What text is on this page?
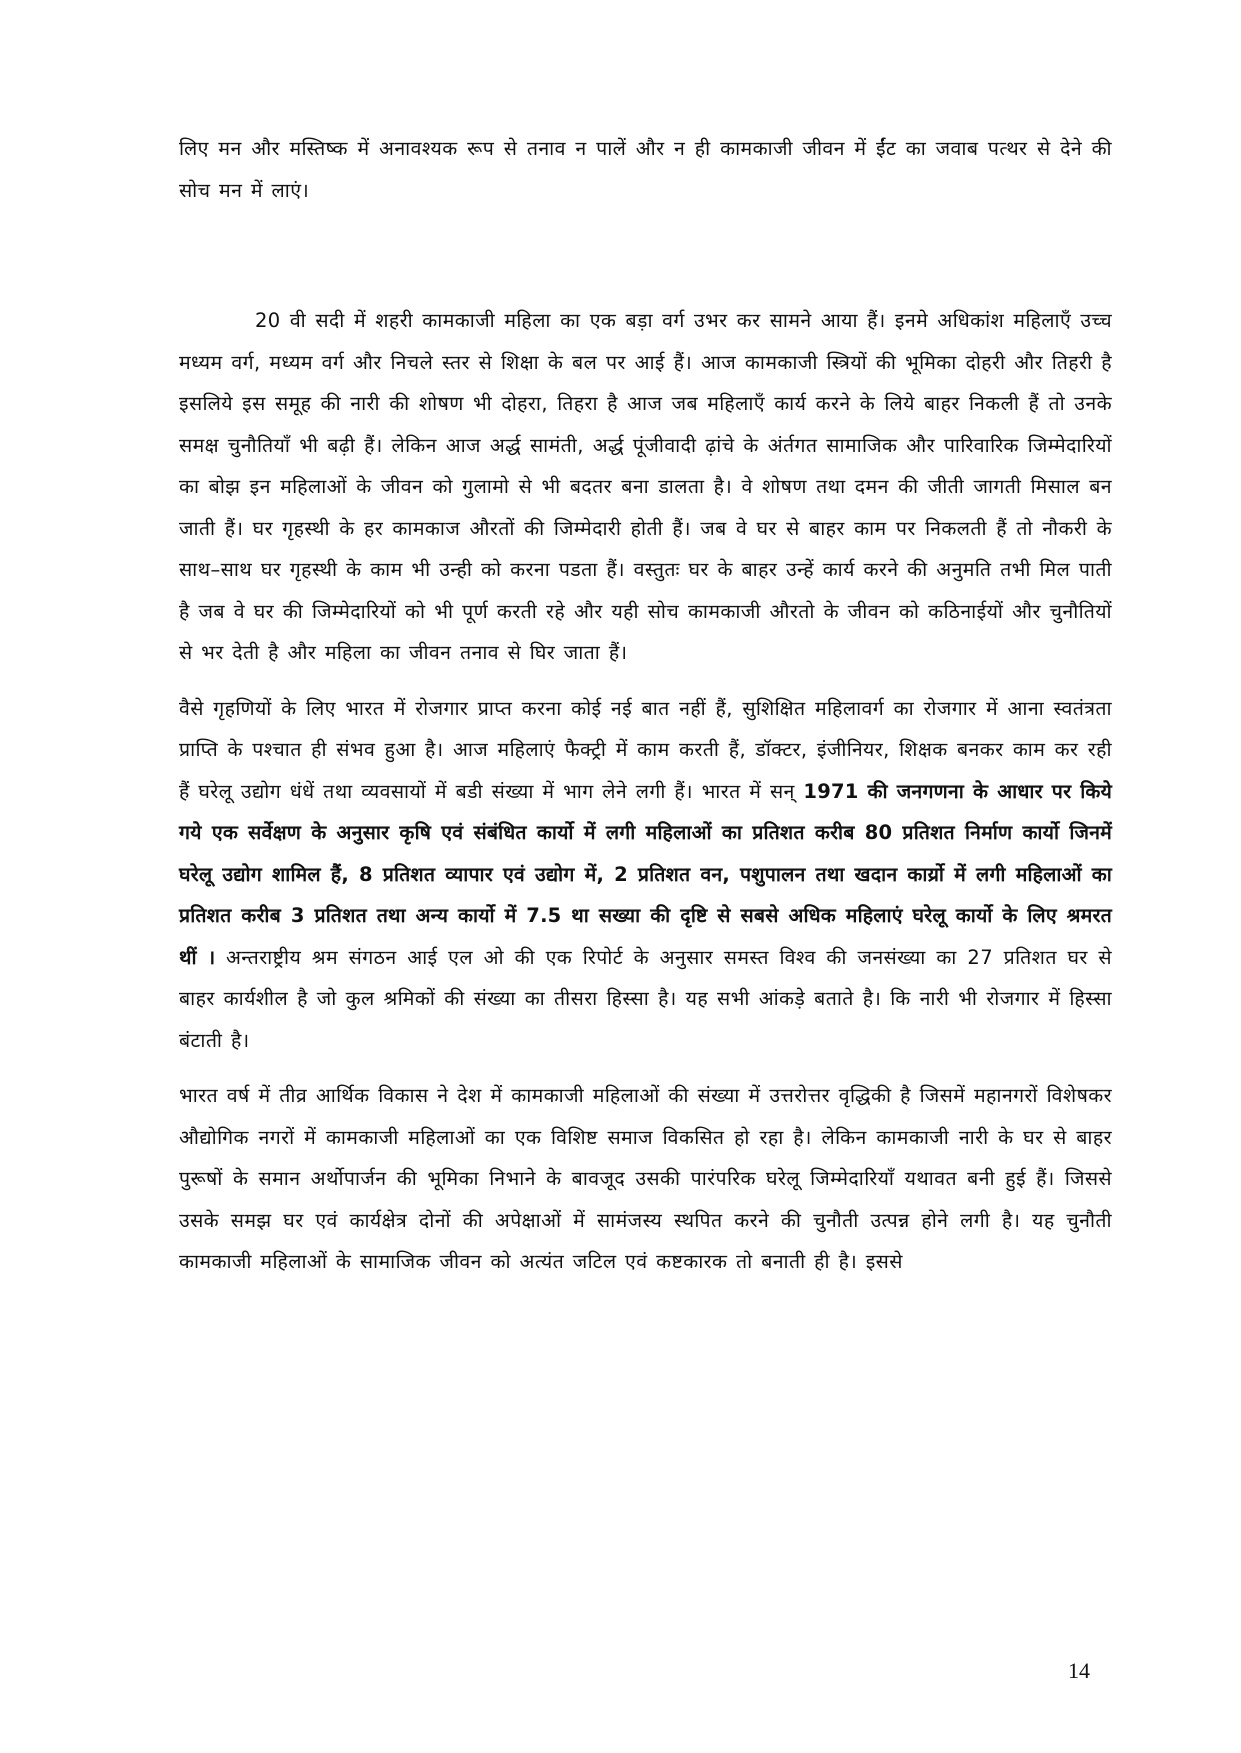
लिए मन और मस्तिष्क में अनावश्यक रूप से तनाव न पालें और न ही कामकाजी जीवन में ईंट का जवाब पत्थर से देने की सोच मन में लाएं।

20 वी सदी में शहरी कामकाजी महिला का एक बड़ा वर्ग उभर कर सामने आया हैं। इनमे अधिकांश महिलाऍं उच्च मध्यम वर्ग, मध्यम वर्ग और निचले स्तर से शिक्षा के बल पर आई हैं। आज कामकाजी स्त्रियों की भूमिका दोहरी और तिहरी है इसलिये इस समूह की नारी की शोषण भी दोहरा, तिहरा है आज जब महिलाऍं कार्य करने के लिये बाहर निकली हैं तो उनके समक्ष चुनौतियॉं भी बढ़ी हैं। लेकिन आज अर्द्ध सामंती, अर्द्ध पूंजीवादी ढ़ांचे के अंर्तगत सामाजिक और पारिवारिक जिम्मेदारियों का बोझ इन महिलाओं के जीवन को गुलामो से भी बदतर बना डालता है। वे शोषण तथा दमन की जीती जागती मिसाल बन जाती हैं। घर गृहस्थी के हर कामकाज औरतों की जिम्मेदारी होती हैं। जब वे घर से बाहर काम पर निकलती हैं तो नौकरी के साथ–साथ घर गृहस्थी के काम भी उन्ही को करना पडता हैं। वस्तुतः घर के बाहर उन्हें कार्य करने की अनुमति तभी मिल पाती है जब वे घर की जिम्मेदारियों को भी पूर्ण करती रहे और यही सोच कामकाजी औरतो के जीवन को कठिनाईयों और चुनौतियों से भर देती है और महिला का जीवन तनाव से घिर जाता हैं।

वैसे गृहणियों के लिए भारत में रोजगार प्राप्त करना कोई नई बात नहीं हैं, सुशिक्षित महिलावर्ग का रोजगार में आना स्वतंत्रता प्राप्ति के पश्चात ही संभव हुआ है। आज महिलाएं फैक्ट्री में काम करती हैं, डॉक्टर, इंजीनियर, शिक्षक बनकर काम कर रही हैं घरेलू उद्योग धंधें तथा व्यवसायों में बडी संख्या में भाग लेने लगी हैं। भारत में सन् 1971 की जनगणना के आधार पर किये गये एक सर्वेक्षण के अनुसार कृषि एवं संबंधित कार्यो में लगी महिलाओं का प्रतिशत करीब 80 प्रतिशत निर्माण कार्यो जिनमें घरेलू उद्योग शामिल हैं, 8 प्रतिशत व्यापार एवं उद्योग में, 2 प्रतिशत वन, पशुपालन तथा खदान कार्य्रो में लगी महिलाओं का प्रतिशत करीब 3 प्रतिशत तथा अन्य कार्यो में 7.5 था सख्या की दृष्टि से सबसे अधिक महिलाएं घरेलू कार्यो के लिए श्रमरत थीं । अन्तराष्ट्रीय श्रम संगठन आई एल ओ की एक रिपोर्ट के अनुसार समस्त विश्व की जनसंख्या का 27 प्रतिशत घर से बाहर कार्यशील है जो कुल श्रमिकों की संख्या का तीसरा हिस्सा है। यह सभी आंकड़े बताते है। कि नारी भी रोजगार में हिस्सा बंटाती है।

भारत वर्ष में तीव्र आर्थिक विकास ने देश में कामकाजी महिलाओं की संख्या में उत्तरोत्तर वृद्धिकी है जिसमें महानगरों विशेषकर औद्योगिक नगरों में कामकाजी महिलाओं का एक विशिष्ट समाज विकसित हो रहा है। लेकिन कामकाजी नारी के घर से बाहर पुरूषों के समान अर्थोपार्जन की भूमिका निभाने के बावजूद उसकी पारंपरिक घरेलू जिम्मेदारियॉं यथावत बनी हुई हैं। जिससे उसके समझ घर एवं कार्यक्षेत्र दोनों की अपेक्षाओं में सामंजस्य स्थपित करने की चुनौती उत्पन्न होने लगी है। यह चुनौती कामकाजी महिलाओं के सामाजिक जीवन को अत्यंत जटिल एवं कष्टकारक तो बनाती ही है। इससे

14
